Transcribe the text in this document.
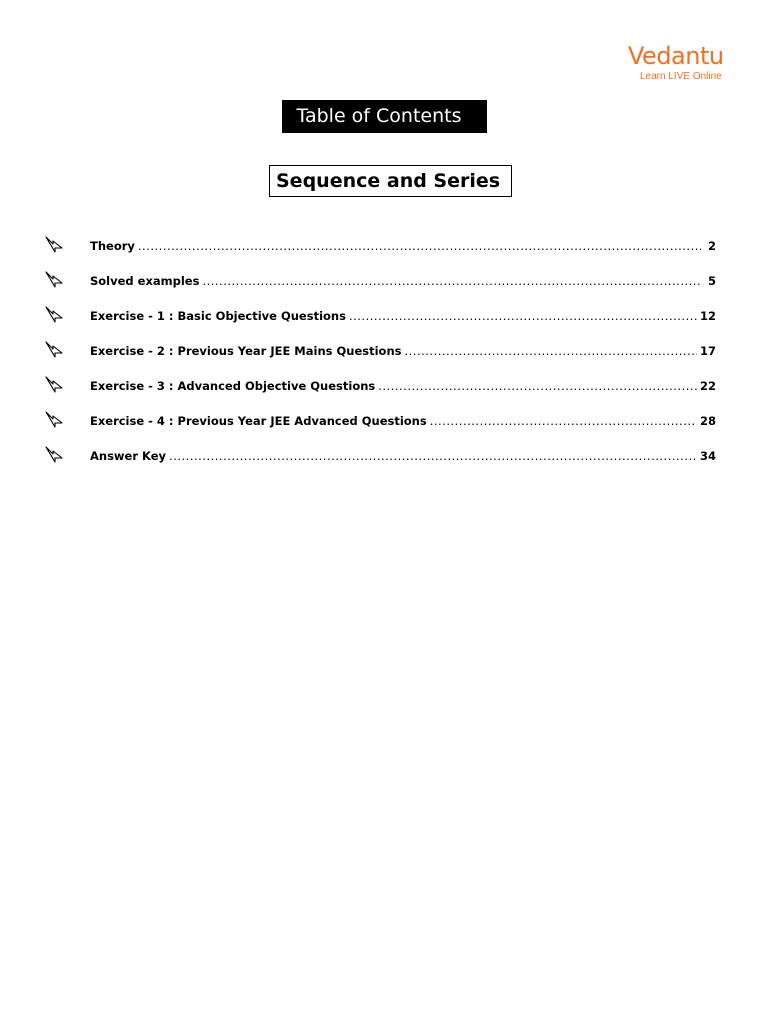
Vedantu
Learn LIVE Online
Table of Contents
Sequence and Series
Theory .....	2
Solved examples .....	5
Exercise - 1 : Basic Objective Questions .....	12
Exercise - 2 : Previous Year JEE Mains Questions .....	17
Exercise - 3 : Advanced Objective Questions .....	22
Exercise - 4 : Previous Year JEE Advanced Questions .....	28
Answer Key .....	34
